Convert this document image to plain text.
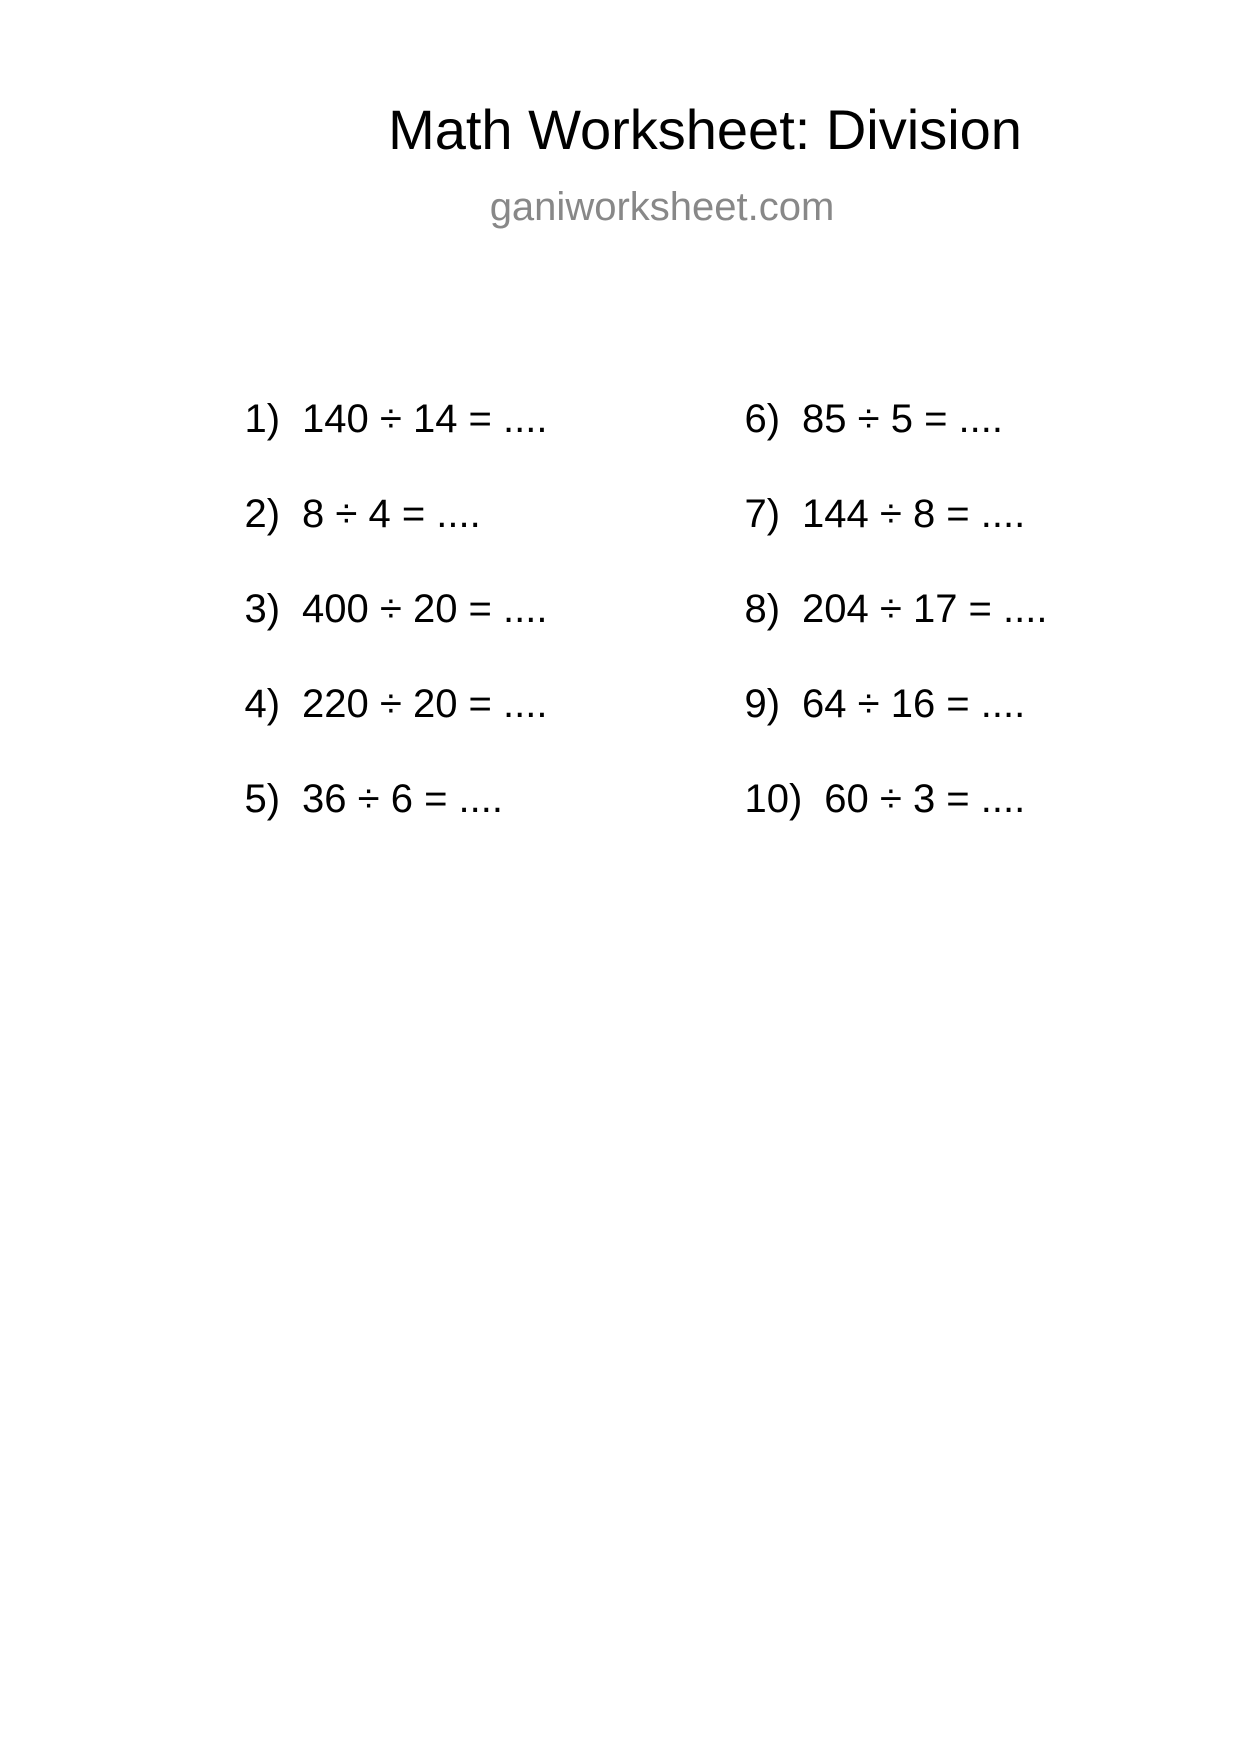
Math Worksheet: Division
ganiworksheet.com

1) 140 ÷ 14 = ....

2) 8 ÷ 4 = ....

3) 400 ÷ 20 = ....

4) 220 ÷ 20 = ....

5) 36 ÷ 6 = ....

6) 85 ÷ 5 = ....

7) 144 ÷ 8 = ....

8) 204 ÷ 17 = ....

9) 64 ÷ 16 = ....

10) 60 ÷ 3 = ....
